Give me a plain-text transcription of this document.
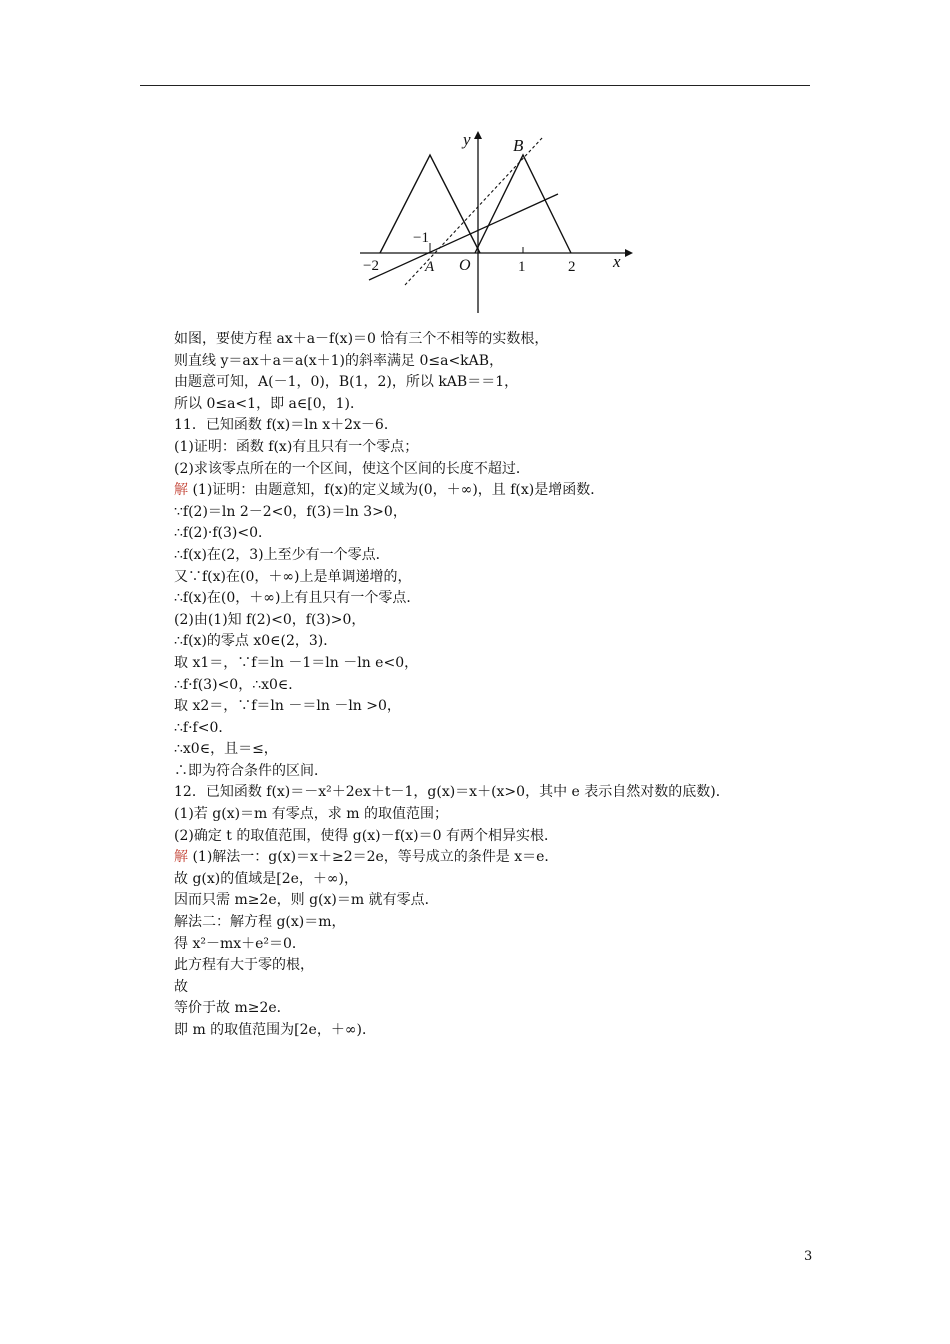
y B
−1
−2	A O	1	2 x
如图，要使方程 ax＋a－f(x)＝0 恰有三个不相等的实数根，
则直线 y＝ax＋a＝a(x＋1)的斜率满足 0≤a<kAB，
由题意可知，A(－1，0)，B(1，2)，所以 kAB＝＝1，
所以 0≤a<1，即 a∈[0，1)．
11．已知函数 f(x)＝ln x＋2x－6．
(1)证明：函数 f(x)有且只有一个零点；
(2)求该零点所在的一个区间，使这个区间的长度不超过．
解 (1)证明：由题意知，f(x)的定义域为(0，＋∞)，且 f(x)是增函数．
∵f(2)＝ln 2－2<0，f(3)＝ln 3>0，
∴f(2)·f(3)<0．
∴f(x)在(2，3)上至少有一个零点．
又∵f(x)在(0，＋∞)上是单调递增的，
∴f(x)在(0，＋∞)上有且只有一个零点．
(2)由(1)知 f(2)<0，f(3)>0，
∴f(x)的零点 x0∈(2，3)．
取 x1＝，∵f＝ln －1＝ln －ln e<0，
∴f·f(3)<0，∴x0∈．
取 x2＝，∵f＝ln －＝ln －ln >0，
∴f·f<0．
∴x0∈，且＝≤，
∴即为符合条件的区间．
12．已知函数 f(x)＝－x²＋2ex＋t－1，g(x)＝x＋(x>0，其中 e 表示自然对数的底数)．
(1)若 g(x)＝m 有零点，求 m 的取值范围；
(2)确定 t 的取值范围，使得 g(x)－f(x)＝0 有两个相异实根．
解 (1)解法一：g(x)＝x＋≥2＝2e，等号成立的条件是 x＝e．
故 g(x)的值域是[2e，＋∞)，
因而只需 m≥2e，则 g(x)＝m 就有零点．
解法二：解方程 g(x)＝m，
得 x²－mx＋e²＝0．
此方程有大于零的根，
故
等价于故 m≥2e．
即 m 的取值范围为[2e，＋∞)．
3
